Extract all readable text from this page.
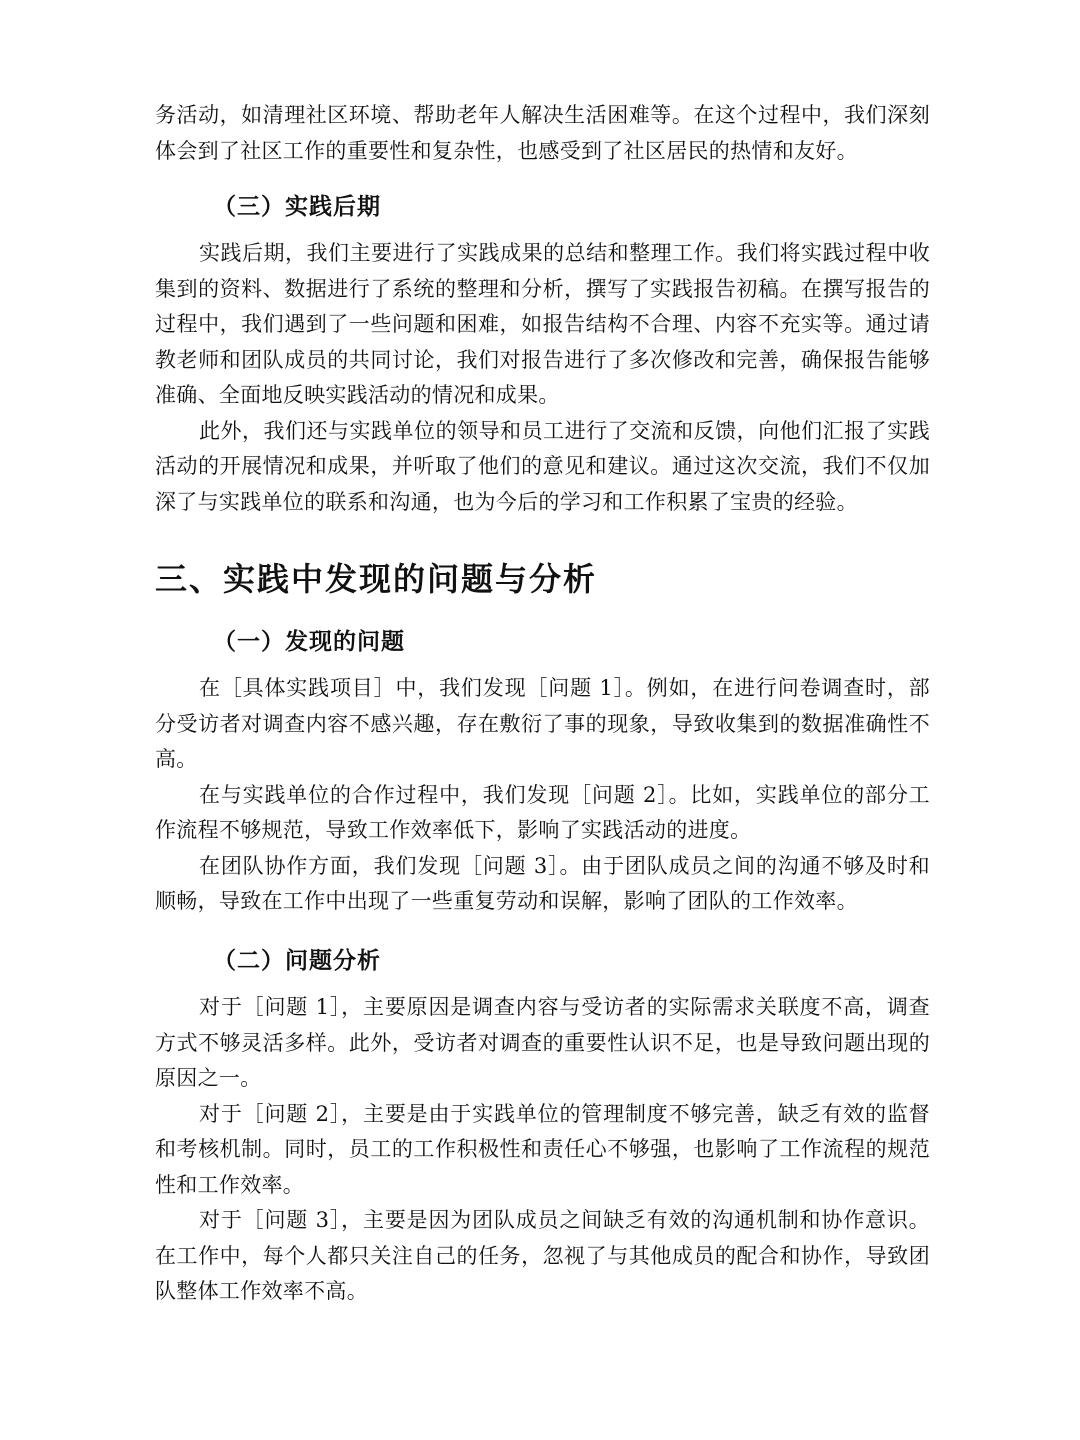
务活动，如清理社区环境、帮助老年人解决生活困难等。在这个过程中，我们深刻体会到了社区工作的重要性和复杂性，也感受到了社区居民的热情和友好。

（三）实践后期

实践后期，我们主要进行了实践成果的总结和整理工作。我们将实践过程中收集到的资料、数据进行了系统的整理和分析，撰写了实践报告初稿。在撰写报告的过程中，我们遇到了一些问题和困难，如报告结构不合理、内容不充实等。通过请教老师和团队成员的共同讨论，我们对报告进行了多次修改和完善，确保报告能够准确、全面地反映实践活动的情况和成果。

此外，我们还与实践单位的领导和员工进行了交流和反馈，向他们汇报了实践活动的开展情况和成果，并听取了他们的意见和建议。通过这次交流，我们不仅加深了与实践单位的联系和沟通，也为今后的学习和工作积累了宝贵的经验。

三、实践中发现的问题与分析
（一）发现的问题

在［具体实践项目］中，我们发现［问题 1］。例如，在进行问卷调查时，部分受访者对调查内容不感兴趣，存在敷衍了事的现象，导致收集到的数据准确性不高。

在与实践单位的合作过程中，我们发现［问题 2］。比如，实践单位的部分工作流程不够规范，导致工作效率低下，影响了实践活动的进度。

在团队协作方面，我们发现［问题 3］。由于团队成员之间的沟通不够及时和顺畅，导致在工作中出现了一些重复劳动和误解，影响了团队的工作效率。

（二）问题分析

对于［问题 1］，主要原因是调查内容与受访者的实际需求关联度不高，调查方式不够灵活多样。此外，受访者对调查的重要性认识不足，也是导致问题出现的原因之一。

对于［问题 2］，主要是由于实践单位的管理制度不够完善，缺乏有效的监督和考核机制。同时，员工的工作积极性和责任心不够强，也影响了工作流程的规范性和工作效率。

对于［问题 3］，主要是因为团队成员之间缺乏有效的沟通机制和协作意识。在工作中，每个人都只关注自己的任务，忽视了与其他成员的配合和协作，导致团队整体工作效率不高。
